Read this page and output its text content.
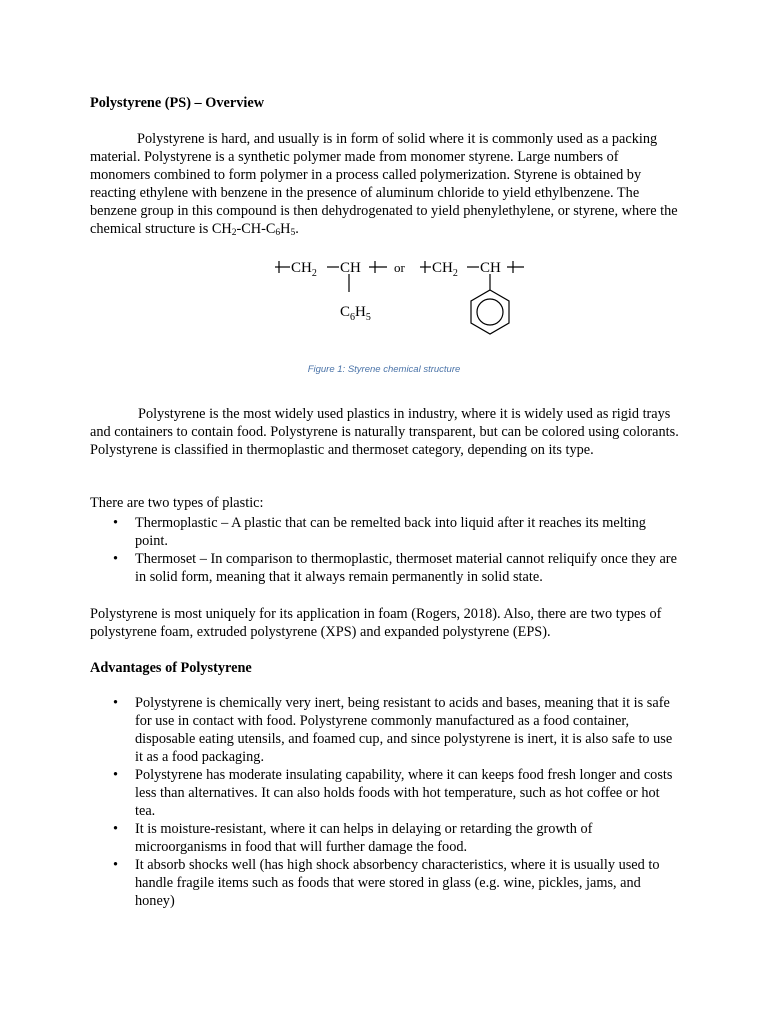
Polystyrene (PS) – Overview

Polystyrene is hard, and usually is in form of solid where it is commonly used as a packing material. Polystyrene is a synthetic polymer made from monomer styrene. Large numbers of monomers combined to form polymer in a process called polymerization. Styrene is obtained by reacting ethylene with benzene in the presence of aluminum chloride to yield ethylbenzene. The benzene group in this compound is then dehydrogenated to yield phenylethylene, or styrene, where the chemical structure is $CH_2-CH-C_6H_5$.

$CH_2$ CH
$C_6H_5$
or $CH_2$ CH
Figure 1: Styrene chemical structure

Polystyrene is the most widely used plastics in industry, where it is widely used as rigid trays and containers to contain food. Polystyrene is naturally transparent, but can be colored using colorants. Polystyrene is classified in thermoplastic and thermoset category, depending on its type.

There are two types of plastic:

• Thermoplastic – A plastic that can be remelted back into liquid after it reaches its melting point.
• Thermoset – In comparison to thermoplastic, thermoset material cannot reliquify once they are in solid form, meaning that it always remain permanently in solid state.

Polystyrene is most uniquely for its application in foam (Rogers, 2018). Also, there are two types of polystyrene foam, extruded polystyrene (XPS) and expanded polystyrene (EPS).

Advantages of Polystyrene
• Polystyrene is chemically very inert, being resistant to acids and bases, meaning that it is safe for use in contact with food. Polystyrene commonly manufactured as a food container, disposable eating utensils, and foamed cup, and since polystyrene is inert, it is also safe to use it as a food packaging.
• Polystyrene has moderate insulating capability, where it can keeps food fresh longer and costs less than alternatives. It can also holds foods with hot temperature, such as hot coffee or hot tea.
• It is moisture-resistant, where it can helps in delaying or retarding the growth of microorganisms in food that will further damage the food.
• It absorb shocks well (has high shock absorbency characteristics, where it is usually used to handle fragile items such as foods that were stored in glass (e.g. wine, pickles, jams, and honey)
